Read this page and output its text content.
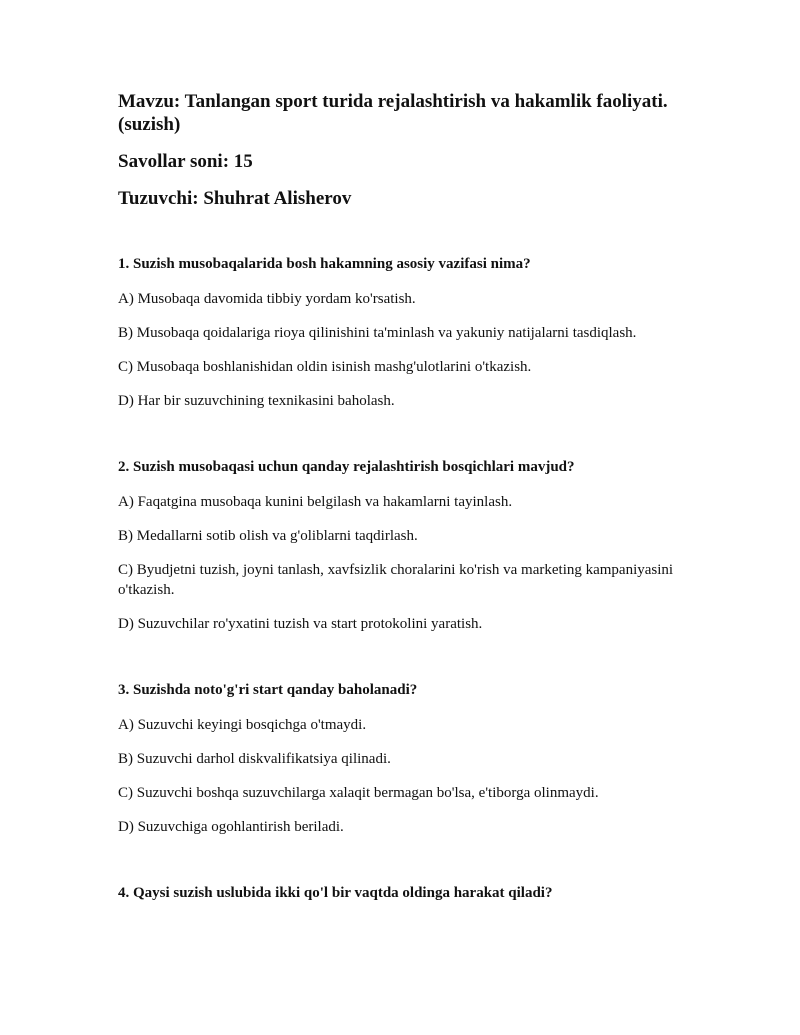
Mavzu: Tanlangan sport turida rejalashtirish va hakamlik faoliyati. (suzish)

Savollar soni: 15

Tuzuvchi: Shuhrat Alisherov

1. Suzish musobaqalarida bosh hakamning asosiy vazifasi nima?

A) Musobaqa davomida tibbiy yordam ko'rsatish.

B) Musobaqa qoidalariga rioya qilinishini ta'minlash va yakuniy natijalarni tasdiqlash.

C) Musobaqa boshlanishidan oldin isinish mashg'ulotlarini o'tkazish.

D) Har bir suzuvchining texnikasini baholash.

2. Suzish musobaqasi uchun qanday rejalashtirish bosqichlari mavjud?

A) Faqatgina musobaqa kunini belgilash va hakamlarni tayinlash.

B) Medallarni sotib olish va g'oliblarni taqdirlash.

C) Byudjetni tuzish, joyni tanlash, xavfsizlik choralarini ko'rish va marketing kampaniyasini o'tkazish.

D) Suzuvchilar ro'yxatini tuzish va start protokolini yaratish.

3. Suzishda noto'g'ri start qanday baholanadi?

A) Suzuvchi keyingi bosqichga o'tmaydi.

B) Suzuvchi darhol diskvalifikatsiya qilinadi.

C) Suzuvchi boshqa suzuvchilarga xalaqit bermagan bo'lsa, e'tiborga olinmaydi.

D) Suzuvchiga ogohlantirish beriladi.

4. Qaysi suzish uslubida ikki qo'l bir vaqtda oldinga harakat qiladi?
